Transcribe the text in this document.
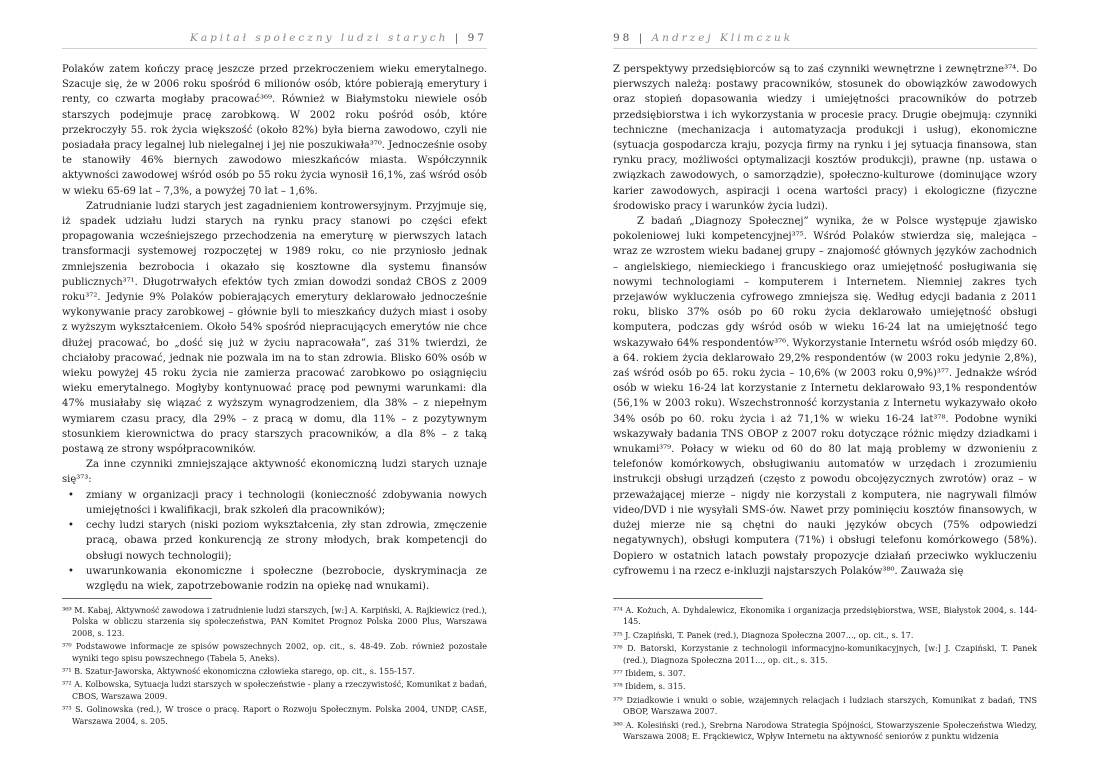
Kapitał społeczny ludzi starych | 97

Polaków zatem kończy pracę jeszcze przed przekroczeniem wieku emerytalnego. Szacuje się, że w 2006 roku spośród 6 milionów osób, które pobierają emerytury i renty, co czwarta mogłaby pracować³⁶⁹. Również w Białymstoku niewiele osób starszych podejmuje pracę zarobkową. W 2002 roku pośród osób, które przekroczyły 55. rok życia większość (około 82%) była bierna zawodowo, czyli nie posiadała pracy legalnej lub nielegalnej i jej nie poszukiwała³⁷⁰. Jednocześnie osoby te stanowiły 46% biernych zawodowo mieszkańców miasta. Współczynnik aktywności zawodowej wśród osób po 55 roku życia wynosił 16,1%, zaś wśród osób w wieku 65-69 lat – 7,3%, a powyżej 70 lat – 1,6%.

Zatrudnianie ludzi starych jest zagadnieniem kontrowersyjnym. Przyjmuje się, iż spadek udziału ludzi starych na rynku pracy stanowi po części efekt propagowania wcześniejszego przechodzenia na emeryturę w pierwszych latach transformacji systemowej rozpoczętej w 1989 roku, co nie przyniosło jednak zmniejszenia bezrobocia i okazało się kosztowne dla systemu finansów publicznych³⁷¹. Długotrwałych efektów tych zmian dowodzi sondaż CBOS z 2009 roku³⁷². Jedynie 9% Polaków pobierających emerytury deklarowało jednocześnie wykonywanie pracy zarobkowej – głównie byli to mieszkańcy dużych miast i osoby z wyższym wykształceniem. Około 54% spośród niepracujących emerytów nie chce dłużej pracować, bo „dość się już w życiu napracowała”, zaś 31% twierdzi, że chciałoby pracować, jednak nie pozwala im na to stan zdrowia. Blisko 60% osób w wieku powyżej 45 roku życia nie zamierza pracować zarobkowo po osiągnięciu wieku emerytalnego. Mogłyby kontynuować pracę pod pewnymi warunkami: dla 47% musiałaby się wiązać z wyższym wynagrodzeniem, dla 38% – z niepełnym wymiarem czasu pracy, dla 29% – z pracą w domu, dla 11% – z pozytywnym stosunkiem kierownictwa do pracy starszych pracowników, a dla 8% – z taką postawą ze strony współpracowników.

Za inne czynniki zmniejszające aktywność ekonomiczną ludzi starych uznaje się³⁷³:

• zmiany w organizacji pracy i technologii (konieczność zdobywania nowych umiejętności i kwalifikacji, brak szkoleń dla pracowników);
• cechy ludzi starych (niski poziom wykształcenia, zły stan zdrowia, zmęczenie pracą, obawa przed konkurencją ze strony młodych, brak kompetencji do obsługi nowych technologii);
• uwarunkowania ekonomiczne i społeczne (bezrobocie, dyskryminacja ze względu na wiek, zapotrzebowanie rodzin na opiekę nad wnukami).

³⁶⁹ M. Kabaj, Aktywność zawodowa i zatrudnienie ludzi starszych, [w:] A. Karpiński, A. Rajkiewicz (red.), Polska w obliczu starzenia się społeczeństwa, PAN Komitet Prognoz Polska 2000 Plus, Warszawa 2008, s. 123.

³⁷⁰ Podstawowe informacje ze spisów powszechnych 2002, op. cit., s. 48-49. Zob. również pozostałe wyniki tego spisu powszechnego (Tabela 5, Aneks).

³⁷¹ B. Szatur-Jaworska, Aktywność ekonomiczna człowieka starego, op. cit., s. 155-157.

³⁷² A. Kolbowska, Sytuacja ludzi starszych w społeczeństwie - plany a rzeczywistość, Komunikat z badań, CBOS, Warszawa 2009.

³⁷³ S. Golinowska (red.), W trosce o pracę. Raport o Rozwoju Społecznym. Polska 2004, UNDP, CASE, Warszawa 2004, s. 205.

98 | Andrzej Klimczuk

Z perspektywy przedsiębiorców są to zaś czynniki wewnętrzne i zewnętrzne³⁷⁴. Do pierwszych należą: postawy pracowników, stosunek do obowiązków zawodowych oraz stopień dopasowania wiedzy i umiejętności pracowników do potrzeb przedsiębiorstwa i ich wykorzystania w procesie pracy. Drugie obejmują: czynniki techniczne (mechanizacja i automatyzacja produkcji i usług), ekonomiczne (sytuacja gospodarcza kraju, pozycja firmy na rynku i jej sytuacja finansowa, stan rynku pracy, możliwości optymalizacji kosztów produkcji), prawne (np. ustawa o związkach zawodowych, o samorządzie), społeczno-kulturowe (dominujące wzory karier zawodowych, aspiracji i ocena wartości pracy) i ekologiczne (fizyczne środowisko pracy i warunków życia ludzi).

Z badań „Diagnozy Społecznej” wynika, że w Polsce występuje zjawisko pokoleniowej luki kompetencyjnej³⁷⁵. Wśród Polaków stwierdza się, malejąca – wraz ze wzrostem wieku badanej grupy – znajomość głównych języków zachodnich – angielskiego, niemieckiego i francuskiego oraz umiejętność posługiwania się nowymi technologiami – komputerem i Internetem. Niemniej zakres tych przejawów wykluczenia cyfrowego zmniejsza się. Według edycji badania z 2011 roku, blisko 37% osób po 60 roku życia deklarowało umiejętność obsługi komputera, podczas gdy wśród osób w wieku 16-24 lat na umiejętność tego wskazywało 64% respondentów³⁷⁶. Wykorzystanie Internetu wśród osób między 60. a 64. rokiem życia deklarowało 29,2% respondentów (w 2003 roku jedynie 2,8%), zaś wśród osób po 65. roku życia – 10,6% (w 2003 roku 0,9%)³⁷⁷. Jednakże wśród osób w wieku 16-24 lat korzystanie z Internetu deklarowało 93,1% respondentów (56,1% w 2003 roku). Wszechstronność korzystania z Internetu wykazywało około 34% osób po 60. roku życia i aż 71,1% w wieku 16-24 lat³⁷⁸. Podobne wyniki wskazywały badania TNS OBOP z 2007 roku dotyczące różnic między dziadkami i wnukami³⁷⁹. Połacy w wieku od 60 do 80 lat mają problemy w dzwonieniu z telefonów komórkowych, obsługiwaniu automatów w urzędach i zrozumieniu instrukcji obsługi urządzeń (często z powodu obcojęzycznych zwrotów) oraz – w przeważającej mierze – nigdy nie korzystali z komputera, nie nagrywali filmów video/DVD i nie wysyłali SMS-ów. Nawet przy pominięciu kosztów finansowych, w dużej mierze nie są chętni do nauki języków obcych (75% odpowiedzi negatywnych), obsługi komputera (71%) i obsługi telefonu komórkowego (58%). Dopiero w ostatnich latach powstały propozycje działań przeciwko wykluczeniu cyfrowemu i na rzecz e-inkluzji najstarszych Polaków³⁸⁰. Zauważa się

³⁷⁴ A. Kożuch, A. Dyhdalewicz, Ekonomika i organizacja przedsiębiorstwa, WSE, Białystok 2004, s. 144-145.

³⁷⁵ J. Czapiński, T. Panek (red.), Diagnoza Społeczna 2007..., op. cit., s. 17.

³⁷⁶ D. Batorski, Korzystanie z technologii informacyjno-komunikacyjnych, [w:] J. Czapiński, T. Panek (red.), Diagnoza Społeczna 2011..., op. cit., s. 315.

³⁷⁷ Ibidem, s. 307.

³⁷⁸ Ibidem, s. 315.

³⁷⁹ Dziadkowie i wnuki o sobie, wzajemnych relacjach i ludziach starszych, Komunikat z badań, TNS OBOP, Warszawa 2007.

³⁸⁰ A. Kolesiński (red.), Srebrna Narodowa Strategia Spójności, Stowarzyszenie Społeczeństwa Wiedzy, Warszawa 2008; E. Frąckiewicz, Wpływ Internetu na aktywność seniorów z punktu widzenia
